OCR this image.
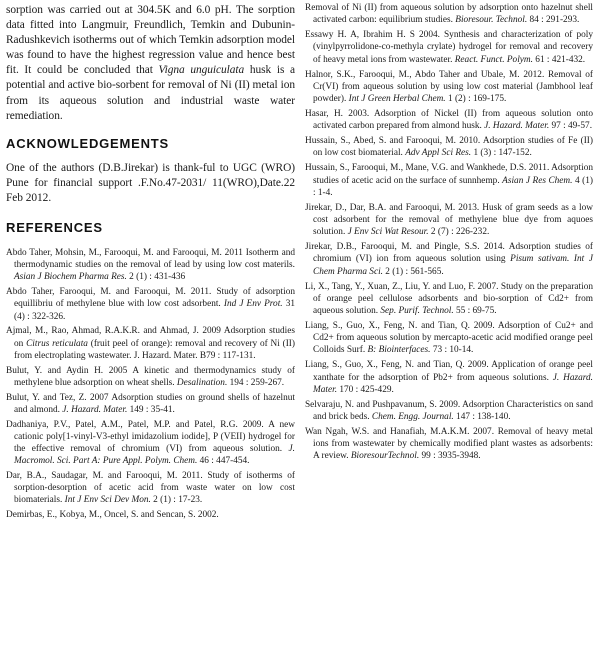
sorption was carried out at 304.5K and 6.0 pH. The sorption data fitted into Langmuir, Freundlich, Temkin and Dubunin-Radushkevich isotherms out of which Temkin adsorption model was found to have the highest regression value and hence best fit. It could be concluded that Vigna unguiculata husk is a potential and active bio-sorbent for removal of Ni (II) metal ion from its aqueous solution and industrial waste water remediation.

ACKNOWLEDGEMENTS

One of the authors (D.B.Jirekar) is thank-ful to UGC (WRO) Pune for financial support .F.No.47-2031/ 11(WRO),Date.22 Feb 2012.

REFERENCES

Abdo Taher, Mohsin, M., Farooqui, M. and Farooqui, M. 2011 Isotherm and thermodynamic studies on the removal of lead by using low cost materils. Asian J Biochem Pharma Res. 2 (1) : 431-436

Abdo Taher, Farooqui, M. and Farooqui, M. 2011. Study of adsorption equillibriu of methylene blue with low cost adsorbent. Ind J Env Prot. 31 (4) : 322-326.

Ajmal, M., Rao, Ahmad, R.A.K.R. and Ahmad, J. 2009 Adsorption studies on Citrus reticulata (fruit peel of orange): removal and recovery of Ni (II) from electroplating wastewater. J. Hazard. Mater. B79 : 117-131.

Bulut, Y. and Aydin H. 2005 A kinetic and thermodynamics study of methylene blue adsorption on wheat shells. Desalination. 194 : 259-267.

Bulut, Y. and Tez, Z. 2007 Adsorption studies on ground shells of hazelnut and almond. J. Hazard. Mater. 149 : 35-41.

Dadhaniya, P.V., Patel, A.M., Patel, M.P. and Patel, R.G. 2009. A new cationic poly[1-vinyl-V3-ethyl imidazolium iodide], P (VEII) hydrogel for the effective removal of chromium (VI) from aqueous solution. J. Macromol. Sci. Part A: Pure Appl. Polym. Chem. 46 : 447-454.

Dar, B.A., Saudagar, M. and Farooqui, M. 2011. Study of isotherms of sorption-desorption of acetic acid from waste water on low cost biomaterials. Int J Env Sci Dev Mon. 2 (1) : 17-23.

Demirbas, E., Kobya, M., Oncel, S. and Sencan, S. 2002.

Removal of Ni (II) from aqueous solution by adsorption onto hazelnut shell activated carbon: equilibrium studies. Bioresour. Technol. 84 : 291-293.

Essawy H. A, Ibrahim H. S 2004. Synthesis and characterization of poly (vinylpyrrolidone-co-methyla crylate) hydrogel for removal and recovery of heavy metal ions from wastewater. React. Funct. Polym. 61 : 421-432.

Halnor, S.K., Farooqui, M., Abdo Taher and Ubale, M. 2012. Removal of Cr(VI) from aqueous solution by using low cost material (Jambhool leaf powder). Int J Green Herbal Chem. 1 (2) : 169-175.

Hasar, H. 2003. Adsorption of Nickel (II) from aqueous solution onto activated carbon prepared from almond husk. J. Hazard. Mater. 97 : 49-57.

Hussain, S., Abed, S. and Farooqui, M. 2010. Adsorption studies of Fe (II) on low cost biomaterial. Adv Appl Sci Res. 1 (3) : 147-152.

Hussain, S., Farooqui, M., Mane, V.G. and Wankhede, D.S. 2011. Adsorption studies of acetic acid on the surface of sunnhemp. Asian J Res Chem. 4 (1) : 1-4.

Jirekar, D., Dar, B.A. and Farooqui, M. 2013. Husk of gram seeds as a low cost adsorbent for the removal of methylene blue dye from aquoes solution. J Env Sci Wat Resour. 2 (7) : 226-232.

Jirekar, D.B., Farooqui, M. and Pingle, S.S. 2014. Adsorption studies of chromium (VI) ion from aqueous solution using Pisum sativam. Int J Chem Pharma Sci. 2 (1) : 561-565.

Li, X., Tang, Y., Xuan, Z., Liu, Y. and Luo, F. 2007. Study on the preparation of orange peel cellulose adsorbents and bio-sorption of Cd2+ from aqueous solution. Sep. Purif. Technol. 55 : 69-75.

Liang, S., Guo, X., Feng, N. and Tian, Q. 2009. Adsorption of Cu2+ and Cd2+ from aqueous solution by mercapto-acetic acid modified orange peel Colloids Surf. B: Biointerfaces. 73 : 10-14.

Liang, S., Guo, X., Feng, N. and Tian, Q. 2009. Application of orange peel xanthate for the adsorption of Pb2+ from aqueous solutions. J. Hazard. Mater. 170 : 425-429.

Selvaraju, N. and Pushpavanum, S. 2009. Adsorption Characteristics on sand and brick beds. Chem. Engg. Journal. 147 : 138-140.

Wan Ngah, W.S. and Hanafiah, M.A.K.M. 2007. Removal of heavy metal ions from wastewater by chemically modified plant wastes as adsorbents: A review. BioresourTechnol. 99 : 3935-3948.
